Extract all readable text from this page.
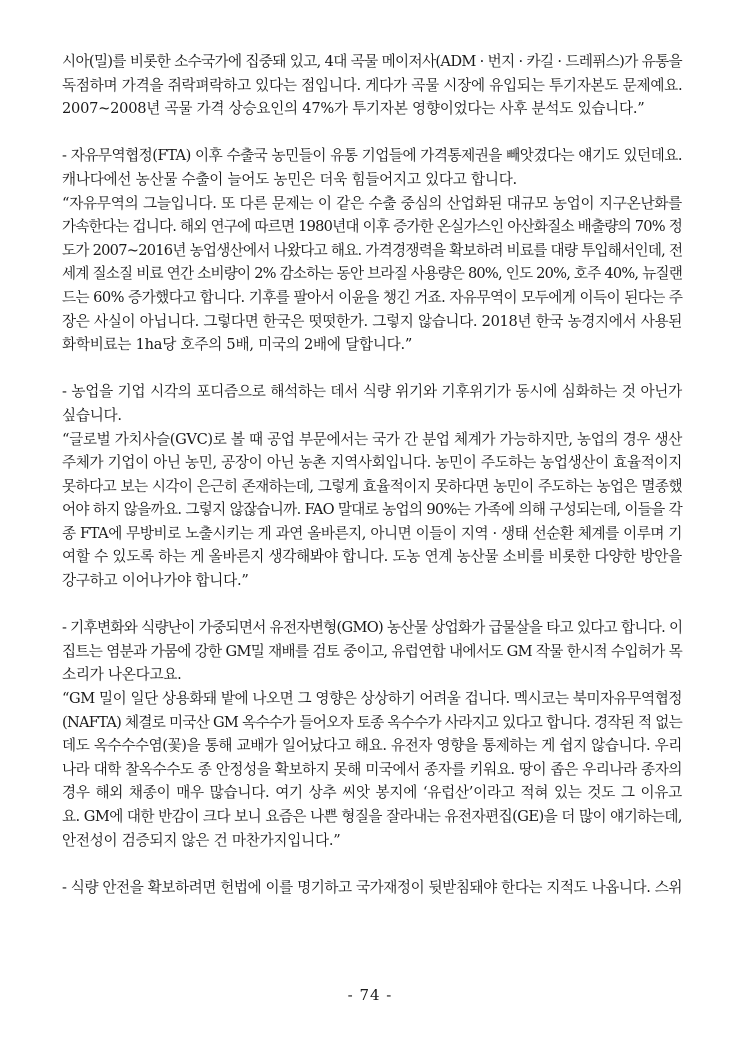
시아(밀)를 비롯한 소수국가에 집중돼 있고, 4대 곡물 메이저사(ADM · 번지 · 카길 · 드레퓌스)가 유통을
독점하며 가격을 쥐락펴락하고 있다는 점입니다. 게다가 곡물 시장에 유입되는 투기자본도 문제예요.
2007~2008년 곡물 가격 상승요인의 47%가 투기자본 영향이었다는 사후 분석도 있습니다.”
- 자유무역협정(FTA) 이후 수출국 농민들이 유통 기업들에 가격통제권을 빼앗겼다는 얘기도 있던데요.
캐나다에선 농산물 수출이 늘어도 농민은 더욱 힘들어지고 있다고 합니다.
“자유무역의 그늘입니다. 또 다른 문제는 이 같은 수출 중심의 산업화된 대규모 농업이 지구온난화를
가속한다는 겁니다. 해외 연구에 따르면 1980년대 이후 증가한 온실가스인 아산화질소 배출량의 70% 정
도가 2007~2016년 농업생산에서 나왔다고 해요. 가격경쟁력을 확보하려 비료를 대량 투입해서인데, 전
세계 질소질 비료 연간 소비량이 2% 감소하는 동안 브라질 사용량은 80%, 인도 20%, 호주 40%, 뉴질랜
드는 60% 증가했다고 합니다. 기후를 팔아서 이윤을 챙긴 거죠. 자유무역이 모두에게 이득이 된다는 주
장은 사실이 아닙니다. 그렇다면 한국은 떳떳한가. 그렇지 않습니다. 2018년 한국 농경지에서 사용된
화학비료는 1ha당 호주의 5배, 미국의 2배에 달합니다.”
- 농업을 기업 시각의 포디즘으로 해석하는 데서 식량 위기와 기후위기가 동시에 심화하는 것 아닌가
싶습니다.
“글로벌 가치사슬(GVC)로 볼 때 공업 부문에서는 국가 간 분업 체계가 가능하지만, 농업의 경우 생산
주체가 기업이 아닌 농민, 공장이 아닌 농촌 지역사회입니다. 농민이 주도하는 농업생산이 효율적이지
못하다고 보는 시각이 은근히 존재하는데, 그렇게 효율적이지 못하다면 농민이 주도하는 농업은 멸종했
어야 하지 않을까요. 그렇지 않잖습니까. FAO 말대로 농업의 90%는 가족에 의해 구성되는데, 이들을 각
종 FTA에 무방비로 노출시키는 게 과연 올바른지, 아니면 이들이 지역 · 생태 선순환 체계를 이루며 기
여할 수 있도록 하는 게 올바른지 생각해봐야 합니다. 도농 연계 농산물 소비를 비롯한 다양한 방안을
강구하고 이어나가야 합니다.”
- 기후변화와 식량난이 가중되면서 유전자변형(GMO) 농산물 상업화가 급물살을 타고 있다고 합니다. 이
집트는 염분과 가뭄에 강한 GM밀 재배를 검토 중이고, 유럽연합 내에서도 GM 작물 한시적 수입허가 목
소리가 나온다고요.
“GM 밀이 일단 상용화돼 밭에 나오면 그 영향은 상상하기 어려울 겁니다. 멕시코는 북미자유무역협정
(NAFTA) 체결로 미국산 GM 옥수수가 들어오자 토종 옥수수가 사라지고 있다고 합니다. 경작된 적 없는
데도 옥수수수염(꽃)을 통해 교배가 일어났다고 해요. 유전자 영향을 통제하는 게 쉽지 않습니다. 우리
나라 대학 찰옥수수도 종 안정성을 확보하지 못해 미국에서 종자를 키워요. 땅이 좁은 우리나라 종자의
경우 해외 채종이 매우 많습니다. 여기 상추 씨앗 봉지에 ‘유럽산’이라고 적혀 있는 것도 그 이유고
요. GM에 대한 반감이 크다 보니 요즘은 나쁜 형질을 잘라내는 유전자편집(GE)을 더 많이 얘기하는데,
안전성이 검증되지 않은 건 마찬가지입니다.”
- 식량 안전을 확보하려면 헌법에 이를 명기하고 국가재정이 뒷받침돼야 한다는 지적도 나옵니다. 스위
- 74 -
